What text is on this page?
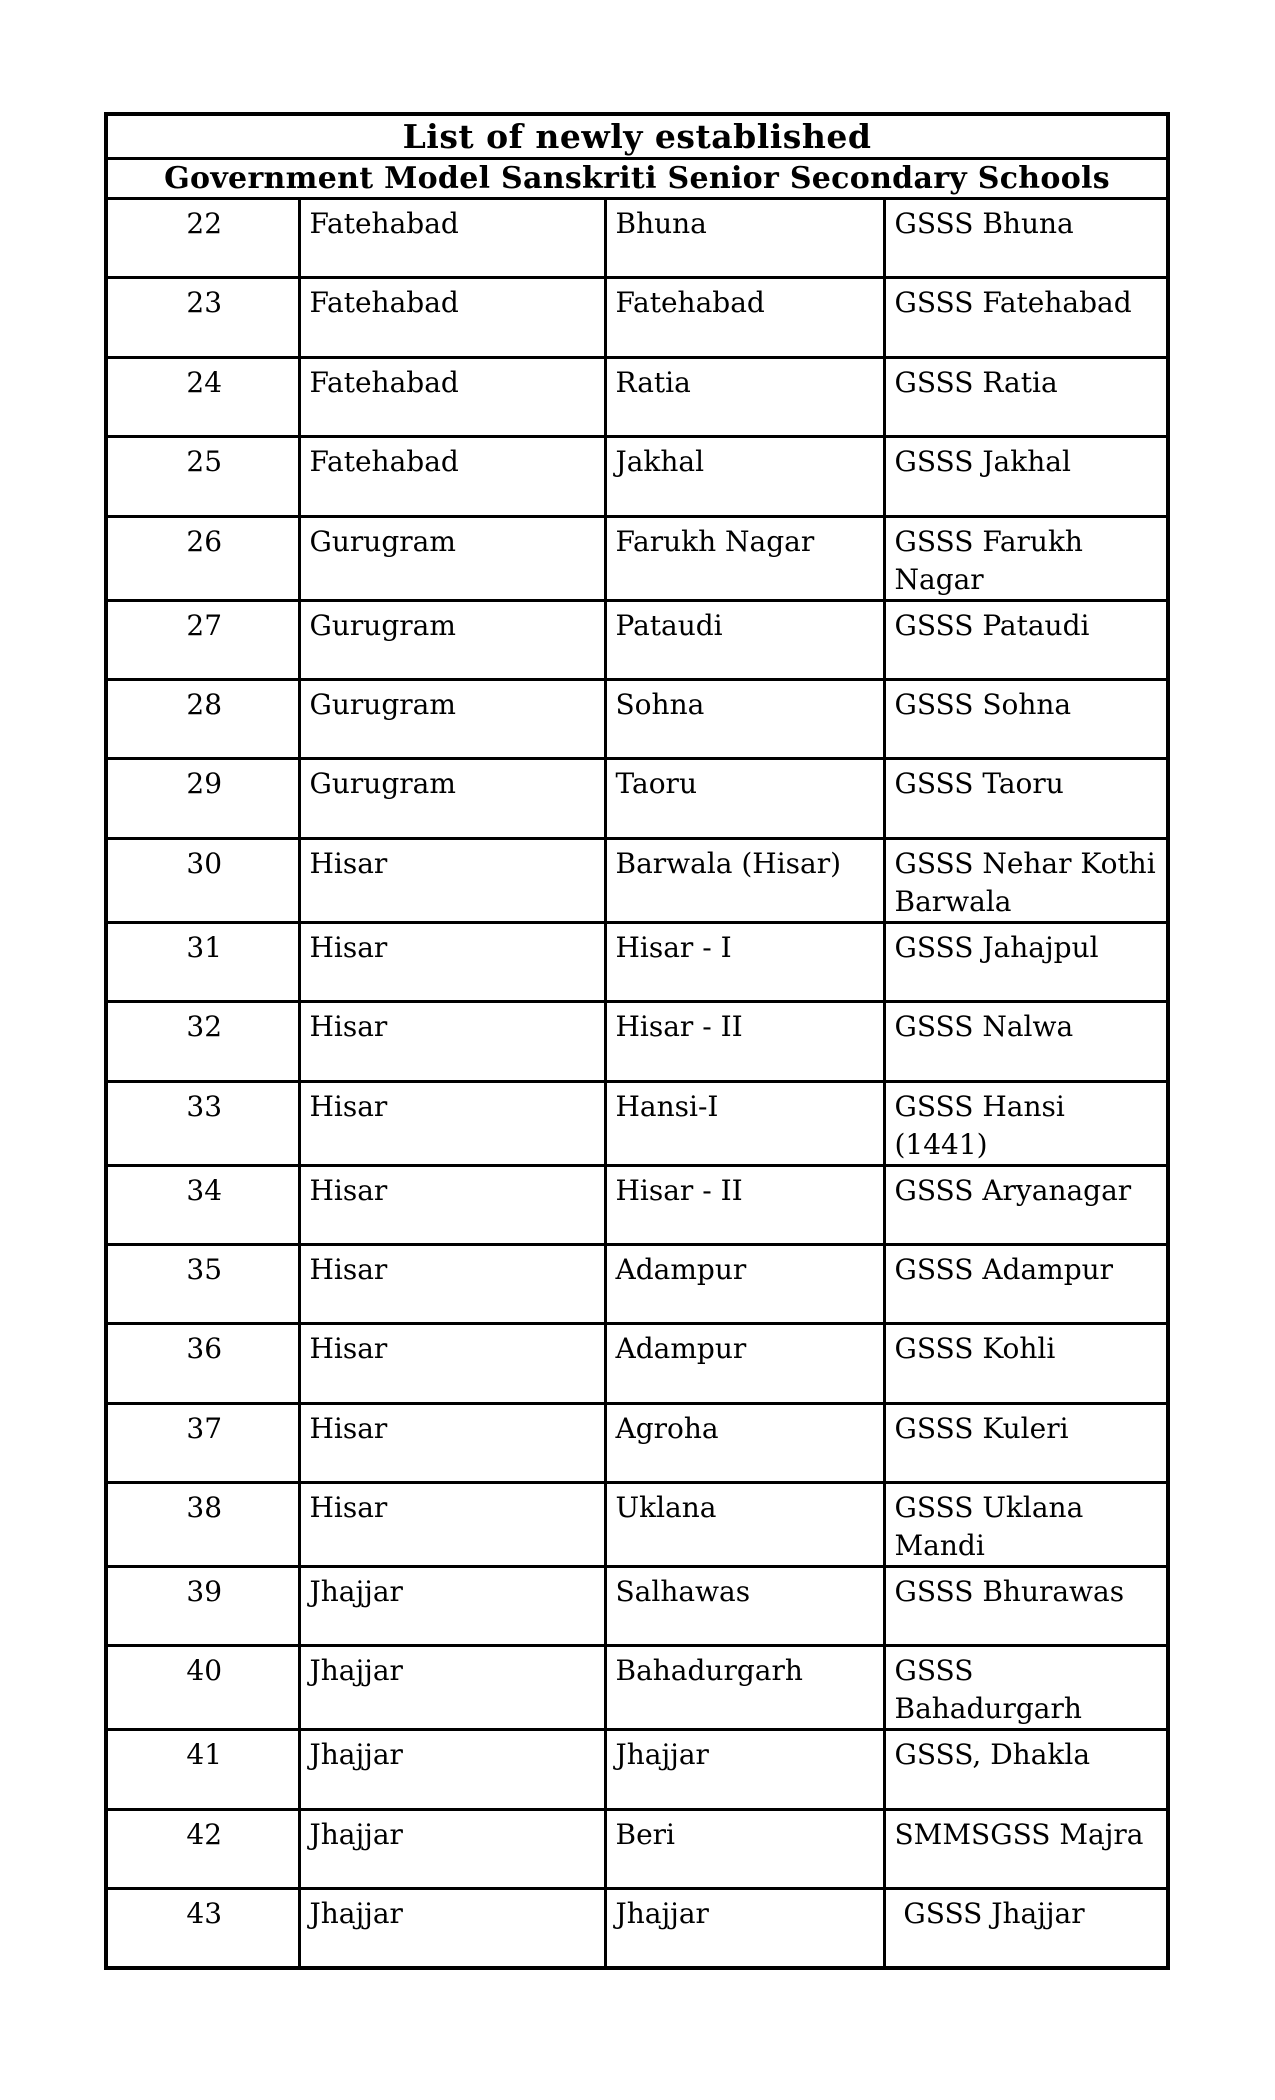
List of newly established			
Government Model Sanskriti Senior Secondary Schools			
22	Fatehabad	Bhuna	GSSS Bhuna
23	Fatehabad	Fatehabad	GSSS Fatehabad
24	Fatehabad	Ratia	GSSS Ratia
25	Fatehabad	Jakhal	GSSS Jakhal
26	Gurugram	Farukh Nagar	GSSS Farukh Nagar
27	Gurugram	Pataudi	GSSS Pataudi
28	Gurugram	Sohna	GSSS Sohna
29	Gurugram	Taoru	GSSS Taoru
30	Hisar	Barwala (Hisar)	GSSS Nehar Kothi Barwala
31	Hisar	Hisar - I	GSSS Jahajpul
32	Hisar	Hisar - II	GSSS Nalwa
33	Hisar	Hansi-I	GSSS Hansi (1441)
34	Hisar	Hisar - II	GSSS Aryanagar
35	Hisar	Adampur	GSSS Adampur
36	Hisar	Adampur	GSSS Kohli
37	Hisar	Agroha	GSSS Kuleri
38	Hisar	Uklana	GSSS Uklana Mandi
39	Jhajjar	Salhawas	GSSS Bhurawas
40	Jhajjar	Bahadurgarh	GSSS Bahadurgarh
41	Jhajjar	Jhajjar	GSSS, Dhakla
42	Jhajjar	Beri	SMMSGSS Majra
43	Jhajjar	Jhajjar	GSSS Jhajjar
